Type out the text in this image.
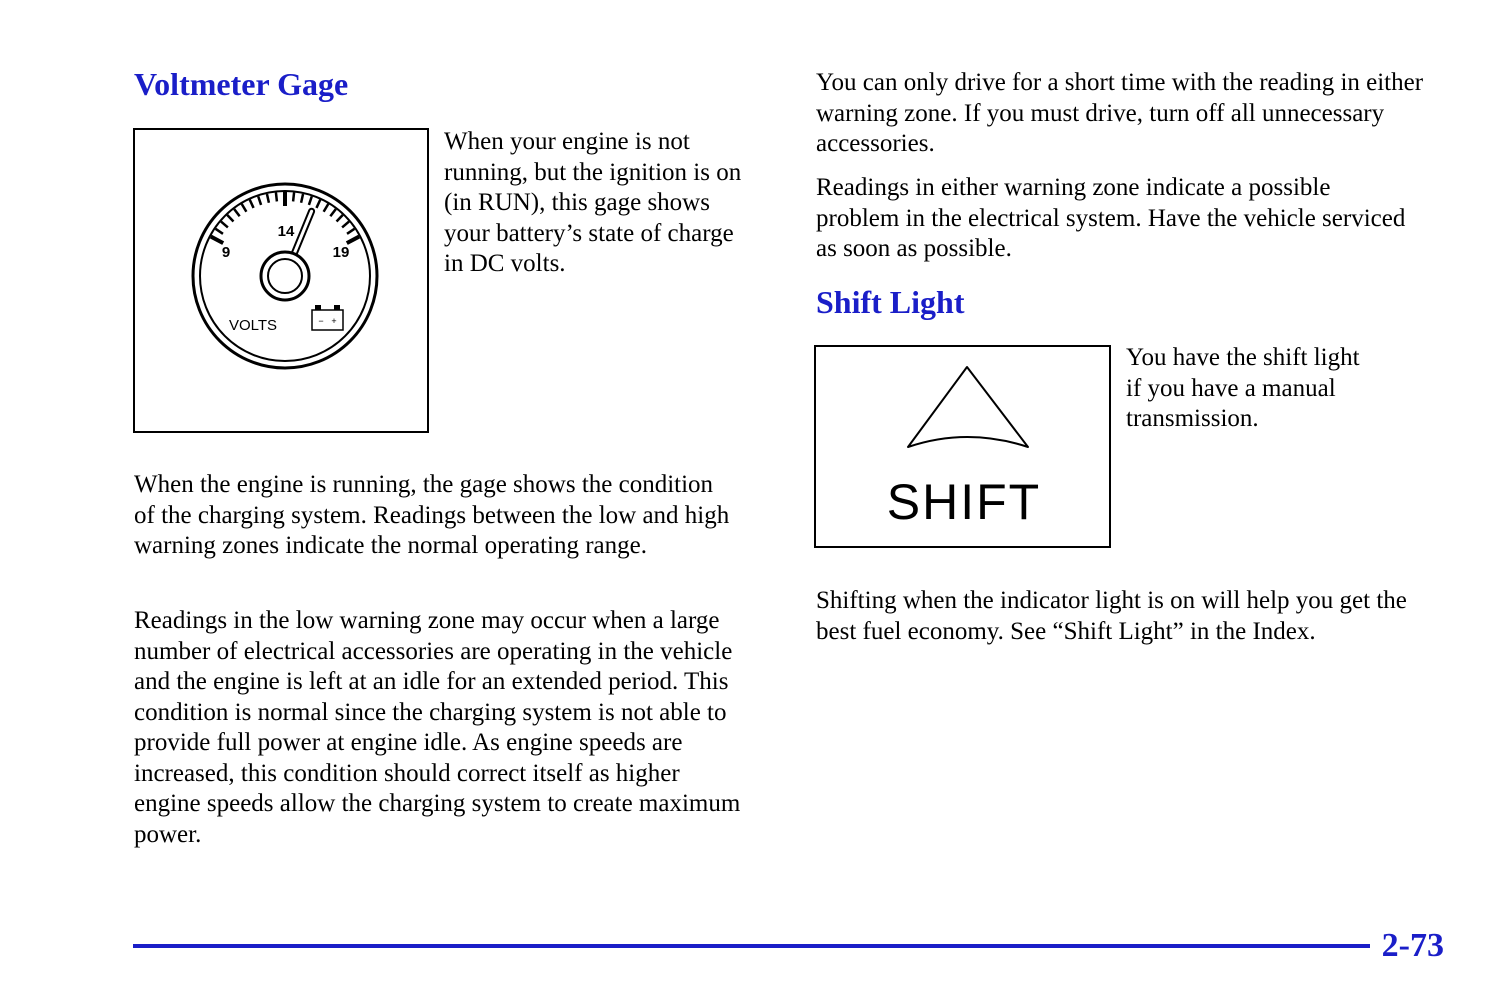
Voltmeter Gage
9
14
19
VOLTS	− +

When your engine is not running, but the ignition is on (in RUN), this gage shows your battery’s state of charge in DC volts.

When the engine is running, the gage shows the condition of the charging system. Readings between the low and high warning zones indicate the normal operating range.

Readings in the low warning zone may occur when a large number of electrical accessories are operating in the vehicle and the engine is left at an idle for an extended period. This condition is normal since the charging system is not able to provide full power at engine idle. As engine speeds are increased, this condition should correct itself as higher engine speeds allow the charging system to create maximum power.

You can only drive for a short time with the reading in either warning zone. If you must drive, turn off all unnecessary accessories.

Readings in either warning zone indicate a possible problem in the electrical system. Have the vehicle serviced as soon as possible.

Shift Light
SHIFT

You have the shift light if you have a manual transmission.

Shifting when the indicator light is on will help you get the best fuel economy. See “Shift Light” in the Index.

2-73
